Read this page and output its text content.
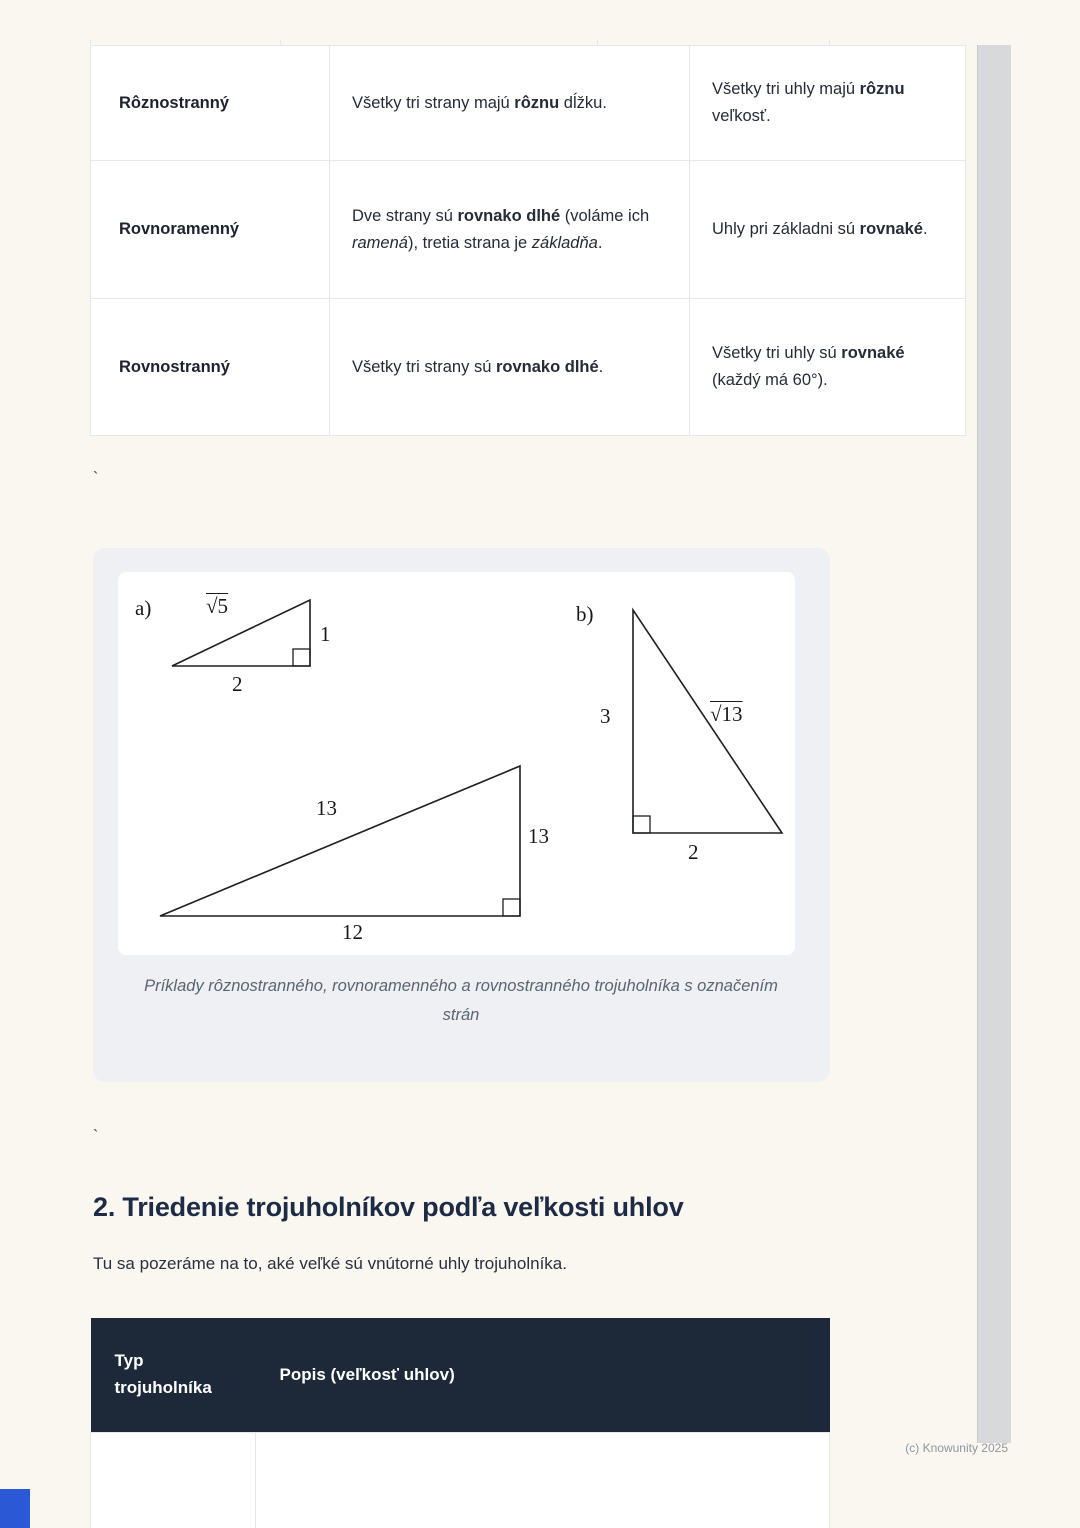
Rôznostranný	Všetky tri strany majú rôznu dĺžku.	Všetky tri uhly majú rôznu veľkosť.
Rovnoramenný	Dve strany sú rovnako dlhé (voláme ich ramená), tretia strana je základňa.	Uhly pri základni sú rovnaké.
Rovnostranný	Všetky tri strany sú rovnako dlhé.	Všetky tri uhly sú rovnaké (každý má 60°).
`
a)	√5
1
2
b)
3	√13
2
13
13
12
Príklady rôznostranného, rovnoramenného a rovnostranného trojuholníka s označením strán
`
2. Triedenie trojuholníkov podľa veľkosti uhlov

Tu sa pozeráme na to, aké veľké sú vnútorné uhly trojuholníka.

Typ trojuholníka	Popis (veľkosť uhlov)

(c) Knowunity 2025
